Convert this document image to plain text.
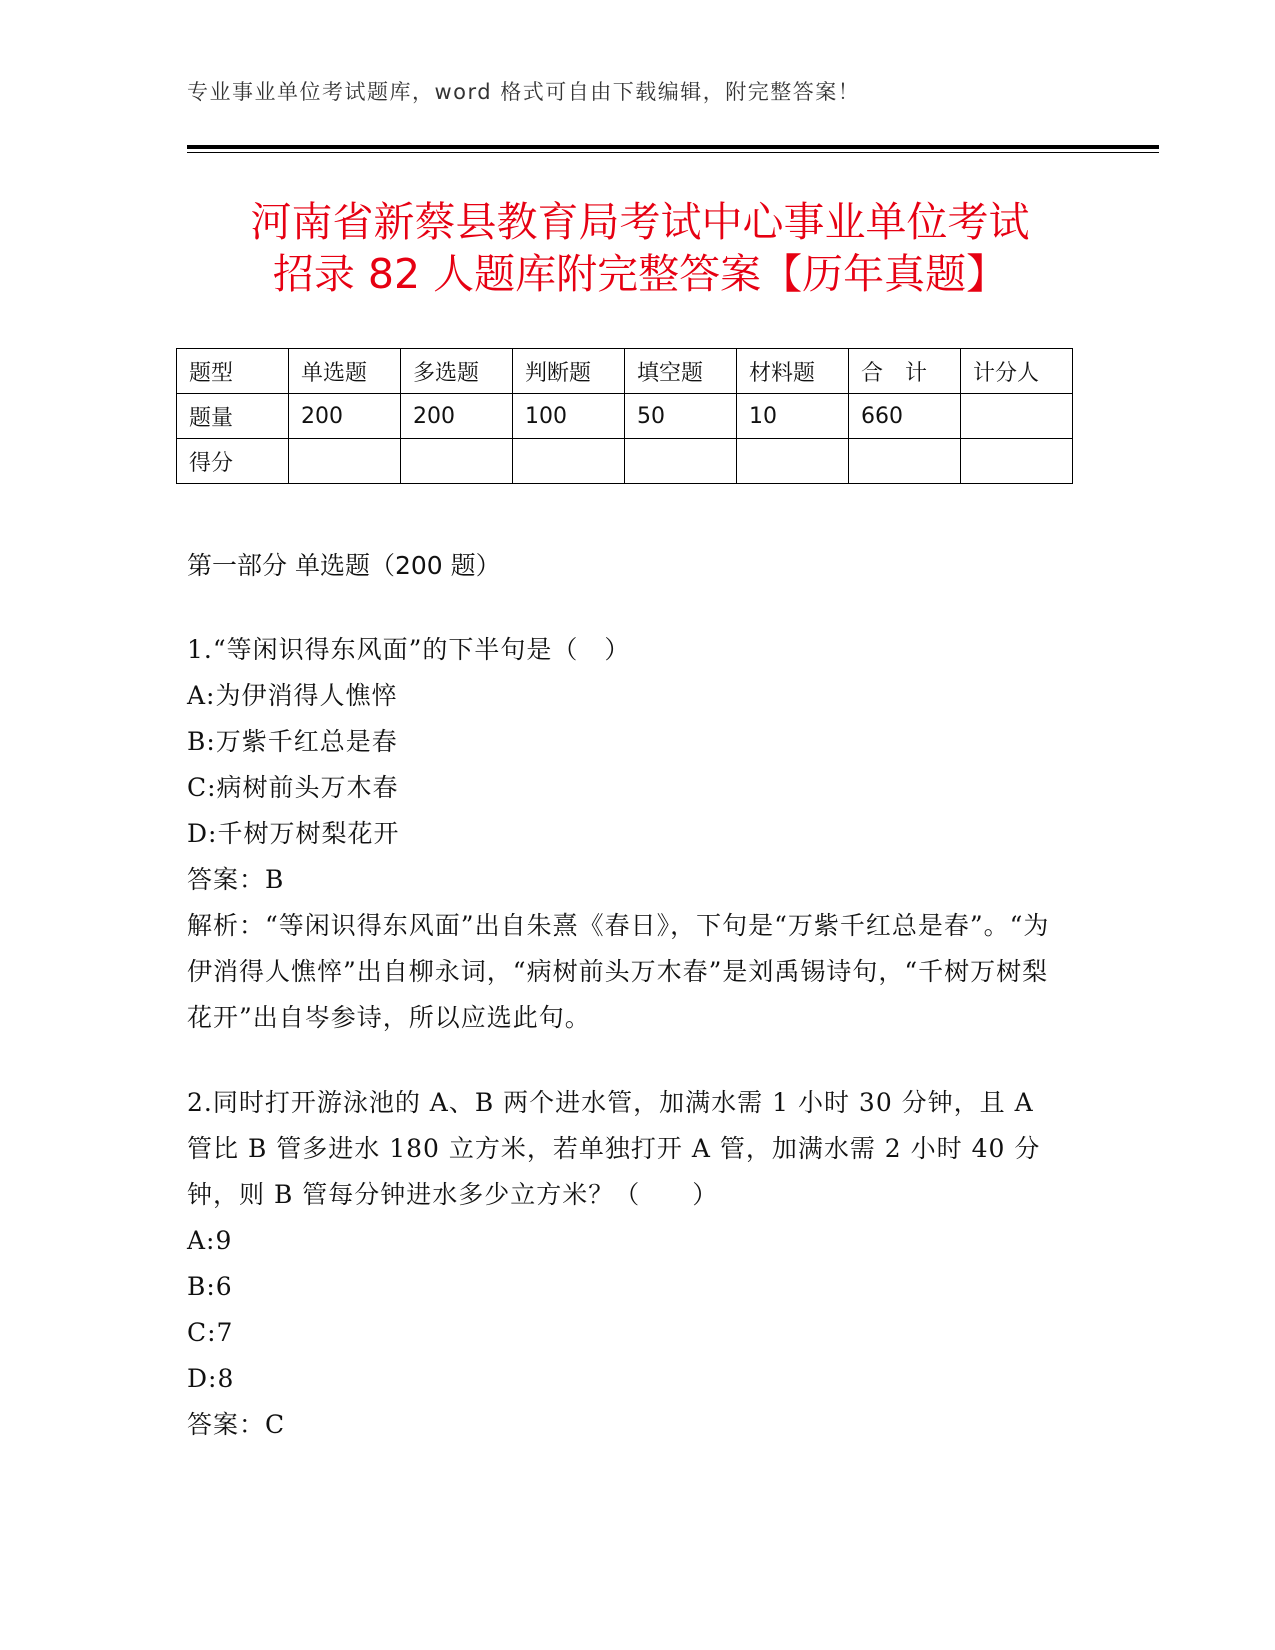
专业事业单位考试题库，word 格式可自由下载编辑，附完整答案！
河南省新蔡县教育局考试中心事业单位考试
招录 82 人题库附完整答案【历年真题】
题型	单选题	多选题	判断题	填空题	材料题	合　计	计分人
题量	200	200	100	50	10	660	
得分							
第一部分 单选题（200 题）
1.“等闲识得东风面”的下半句是（　）
A:为伊消得人憔悴
B:万紫千红总是春
C:病树前头万木春
D:千树万树梨花开
答案：B
解析：“等闲识得东风面”出自朱熹《春日》，下句是“万紫千红总是春”。“为伊消得人憔悴”出自柳永词，“病树前头万木春”是刘禹锡诗句，“千树万树梨花开”出自岑参诗，所以应选此句。
2.同时打开游泳池的 A、B 两个进水管，加满水需 1 小时 30 分钟，且 A 管比 B 管多进水 180 立方米，若单独打开 A 管，加满水需 2 小时 40 分钟，则 B 管每分钟进水多少立方米？（　　）
A:9
B:6
C:7
D:8
答案：C
